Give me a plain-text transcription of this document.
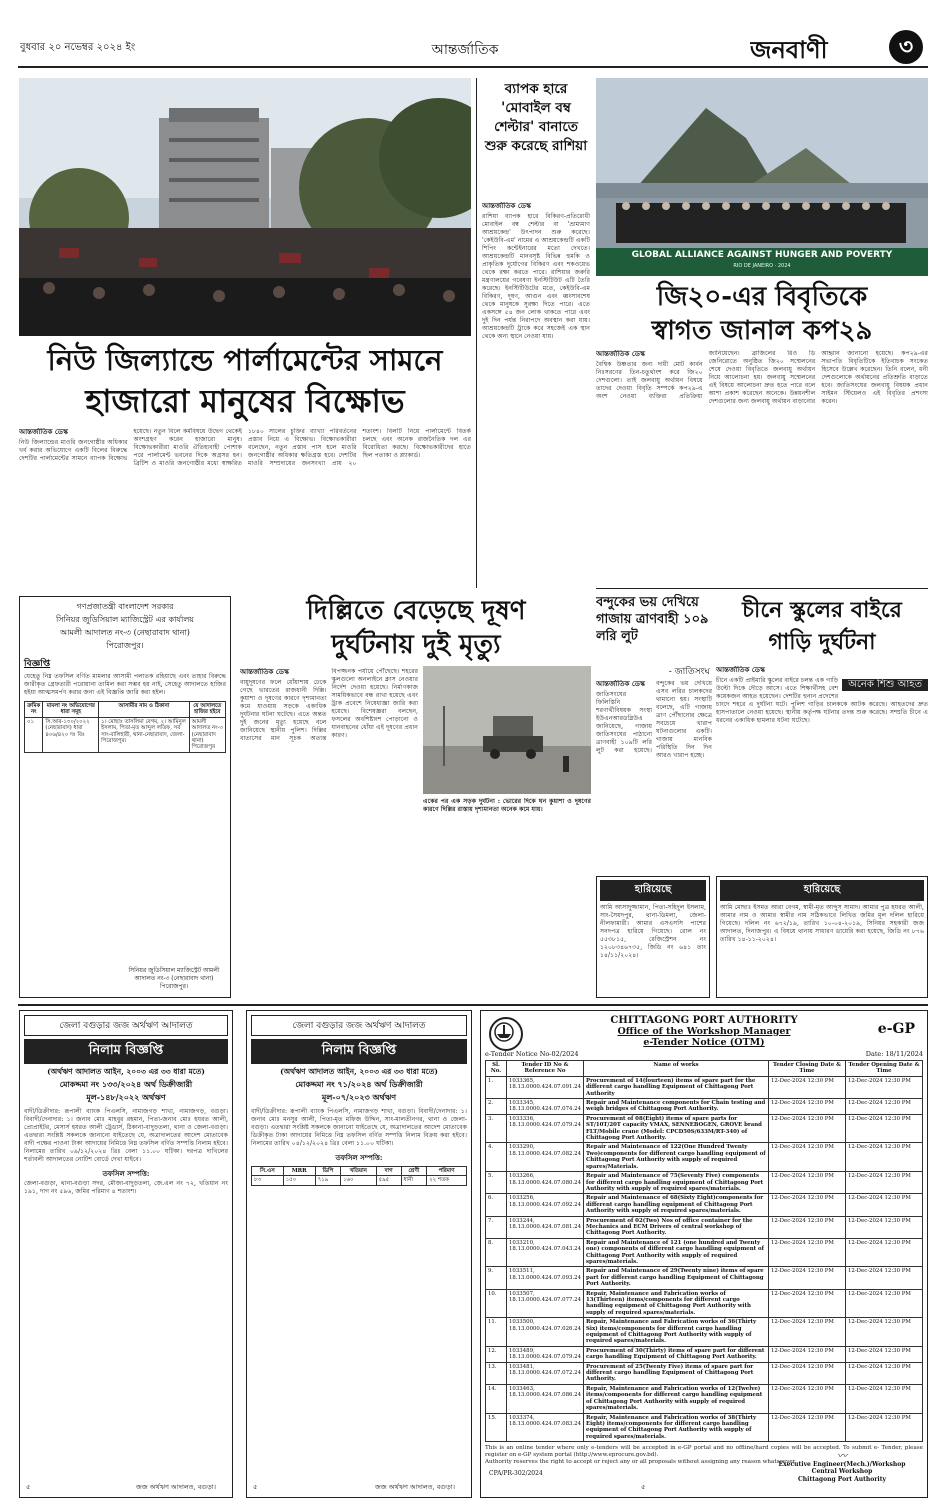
বুধবার ২০ নভেম্বর ২০২৪ ইং	আন্তর্জাতিক	জনবাণী	৩
নিউ জিল্যান্ডে পার্লামেন্টের সামনে
হাজারো মানুষের বিক্ষোভ
আন্তর্জাতিক ডেস্ক

নিউ জিল্যান্ডের মাওরি জনগোষ্ঠীর অধিকার খর্ব করার অভিযোগে একটি বিলের বিরুদ্ধে দেশটির পার্লামেন্টের সামনে ব্যাপক বিক্ষোভ হয়েছে। নতুন বিলে কর্মবিষয়ে উদ্বেগ থেকেই অংশগ্রহণ করেন হাজারো মানুষ। বিক্ষোভকারীরা মাওরি ঐতিহ্যবাহী পোশাক পরে পার্লামেন্ট ভবনের দিকে অগ্রসর হন। ব্রিটিশ ও মাওরি জনগোষ্ঠীর মধ্যে স্বাক্ষরিত ১৮৪০ সালের চুক্তির ব্যাখ্যা পরিবর্তনের প্রস্তাব নিয়ে এ বিক্ষোভ। বিক্ষোভকারীরা বলেছেন, নতুন প্রস্তাব পাস হলে মাওরি জনগোষ্ঠীর অধিকার ক্ষতিগ্রস্ত হবে। দেশটির মাওরি সম্প্রদায়ের জনসংখ্যা প্রায় ২০ শতাংশ। বিলটি নিয়ে পার্লামেন্টে বিতর্ক চলছে এবং অনেক রাজনৈতিক দল এর বিরোধিতা করছে। বিক্ষোভকারীদের হাতে ছিল পতাকা ও প্ল্যাকার্ড।

ব্যাপক হারে 'মোবাইল বম্ব শেল্টার' বানাতে শুরু করেছে রাশিয়া
আন্তর্জাতিক ডেস্ক

রাশিয়া ব্যাপক হারে বিকিরণ-প্রতিরোধী মোবাইল বম্ব শেল্টার বা 'ভ্রাম্যমাণ আশ্রয়কেন্দ্র' উৎপাদন শুরু করেছে। 'কেইউবি-এম' নামের এ আশ্রয়কেন্দ্রটি একটি শিপিং কন্টেইনারের মতো দেখতে। আশ্রয়কেন্দ্রটি মানবসৃষ্ট বিভিন্ন হুমকি ও প্রাকৃতিক দুর্যোগের বিকিরণ এবং শকওয়েভ থেকে রক্ষা করতে পারে। রাশিয়ার জরুরি মন্ত্রণালয়ের গবেষণা ইনস্টিটিউট এটি তৈরি করেছে। ইনস্টিটিউটের মতে, কেইউবি-এম বিকিরণ, দূষণ, আগুন এবং ধ্বংসাবশেষ থেকে মানুষকে সুরক্ষা দিতে পারে। এতে একসঙ্গে ৫৪ জন লোক থাকতে পারে এবং দুই দিন পর্যন্ত নিরাপদে অবস্থান করা যায়। আশ্রয়কেন্দ্রটি ট্রাকে করে সহজেই এক স্থান থেকে অন্য স্থানে নেওয়া যায়।

GLOBAL ALLIANCE AGAINST HUNGER AND POVERTY
RIO DE JANEIRO · 2024
জি২০-এর বিবৃতিকে
স্বাগত জানাল কপ২৯
আন্তর্জাতিক ডেস্ক

বৈশ্বিক উষ্ণতার জন্য দায়ী মোট কার্বন নিঃসরণের তিন-চতুর্থাংশ করে জি২০ দেশগুলো। তাই জলবায়ু অর্থায়ন বিষয়ে তাদের দেওয়া বিবৃতি সম্পর্কে কপ২৯-এ অংশ নেওয়া ব্যক্তিরা প্রতিক্রিয়া জানিয়েছেন। ব্রাজিলের রিও ডি জেনিরোতে অনুষ্ঠিত জি২০ সম্মেলনের শেষে দেওয়া বিবৃতিতে জলবায়ু অর্থায়ন নিয়ে আলোচনা হয়। জলবায়ু সম্মেলনের এই বিষয়ে আলোচনা দ্রুত হতে পারে বলে আশা প্রকাশ করেছেন অনেকে। উন্নয়নশীল দেশগুলোর জন্য জলবায়ু অর্থায়ন বাড়ানোর আহ্বান জানানো হয়েছে। কপ২৯-এর সভাপতি বিবৃতিটিকে ইতিবাচক সংকেত হিসেবে উল্লেখ করেছেন। তিনি বলেন, ধনী দেশগুলোকে অর্থায়নের প্রতিশ্রুতি বাড়াতে হবে। জাতিসংঘের জলবায়ু বিষয়ক প্রধান সাইমন স্টিয়েলও এই বিবৃতির প্রশংসা করেন।

গণপ্রজাতন্ত্রী বাংলাদেশ সরকার
সিনিয়র জুডিসিয়াল ম্যাজিস্ট্রেট এর কার্যালয়
আমলী আদালত নং-৩ (নেছারাবাদ থানা)
পিরোজপুর।
বিজ্ঞপ্তি
যেহেতু নিম্ন তফসিল বর্ণিত মামলার আসামী পলাতক রহিয়াছে এবং তাহার বিরুদ্ধে জারীকৃত গ্রেফতারী পরোয়ানা তামিল করা সম্ভব হয় নাই, সেহেতু আদালতে হাজির হইয়া আত্মসমর্পণ করার জন্য এই বিজ্ঞপ্তি জারি করা হইল।
ক্রমিক নং	মামলা নং অভিযোগের ধারা সমূহ	আসামীর নাম ও ঠিকানা	যে আদালতে হাজির হইবে
০১	সি.আর-১৩০/২০২২ (নেছারাবাদ) ধারা ৪০৬/৪২০ দঃ বিঃ	১। মোছাঃ তাসলিমা বেগম, ২। আমিনুল ইসলাম, পিতা-মৃত আব্দুল লতিফ, সর্ব সাং-বালিহারী, থানা-নেছারাবাদ, জেলা-পিরোজপুর।	আমলী আদালত নং-৩ (নেছারাবাদ থানা) পিরোজপুর
সিনিয়র জুডিসিয়াল ম্যাজিস্ট্রেট আমলী আদালত নং-৩ (নেছারাবাদ থানা) পিরোজপুর।
দিল্লিতে বেড়েছে দূষণ
দুর্ঘটনায় দুই মৃত্যু
আন্তর্জাতিক ডেস্ক

বায়ুদূষণের ফলে ধোঁয়াশায় ঢেকে গেছে ভারতের রাজধানী দিল্লি। কুয়াশা ও দূষণের কারণে দৃশ্যমানতা কমে যাওয়ায় সড়কে একাধিক দুর্ঘটনার ঘটনা ঘটেছে। এতে অন্তত দুই জনের মৃত্যু হয়েছে বলে জানিয়েছে স্থানীয় পুলিশ। দিল্লির বাতাসের মান সূচক অত্যন্ত বিপজ্জনক পর্যায়ে পৌঁছেছে। শহরের স্কুলগুলো অনলাইনে ক্লাস নেওয়ার নির্দেশ দেওয়া হয়েছে। নির্মাণকাজ সাময়িকভাবে বন্ধ রাখা হয়েছে এবং ট্রাক প্রবেশে নিষেধাজ্ঞা জারি করা হয়েছে। বিশেষজ্ঞরা বলছেন, ফসলের অবশিষ্টাংশ পোড়ানো ও যানবাহনের ধোঁয়া এই দূষণের প্রধান কারণ।

একের পর এক সড়ক দুর্ঘটনা : ভোরের দিকে ঘন কুয়াশা ও দূষণের কারণে দিল্লির রাস্তায় দৃশ্যমানতা অনেক কমে যায়।

বন্দুকের ভয় দেখিয়ে গাজায় ত্রাণবাহী ১০৯ লরি লুট
- জাতিসংঘ
আন্তর্জাতিক ডেস্ক

জাতিসংঘের ফিলিস্তিনি শরণার্থীবিষয়ক সংস্থা ইউএনআরডব্লিউএ জানিয়েছে, গাজায় জাতিসংঘের পাঠানো ত্রাণবাহী ১০৯টি লরি লুট করা হয়েছে। বন্দুকের ভয় দেখিয়ে এসব লরির চালকদের থামানো হয়। সংস্থাটি বলেছে, এটি গাজায় ত্রাণ পৌঁছানোর ক্ষেত্রে সবচেয়ে খারাপ ঘটনাগুলোর একটি। গাজায় মানবিক পরিস্থিতি দিন দিন আরও খারাপ হচ্ছে।

চীনে স্কুলের বাইরে
গাড়ি দুর্ঘটনা
আন্তর্জাতিক ডেস্ক
অনেক শিশু আহত

চীনে একটি প্রাইমারি স্কুলের বাইরে চলন্ত এক গাড়ি উল্টো দিকে দৌড়ে আসে। এতে শিক্ষার্থীসহ বেশ কয়েকজন আহত হয়েছেন। দেশটির হুনান প্রদেশের চাংদে শহরে এ দুর্ঘটনা ঘটে। পুলিশ গাড়ির চালককে আটক করেছে। আহতদের দ্রুত হাসপাতালে নেওয়া হয়েছে। স্থানীয় কর্তৃপক্ষ ঘটনার তদন্ত শুরু করেছে। সম্প্রতি চীনে এ ধরনের একাধিক হামলার ঘটনা ঘটেছে।

হারিয়েছে
আমি আসাদুজ্জামান, পিতা-সহিদুল ইসলাম, সাং-সৈয়দপুর, থানা-ডিমলা, জেলা-নীলফামারী। আমার এসএসসি পাশের সনদপত্র হারিয়ে গিয়েছে। রোল নং ৫৫৩৮১৫, রেজিস্ট্রেশন নং ১২০৮৩৪৬৭৩৫, জিডি নং ৬৪১ তাং ১৪/১১/২০২৪।
হারিয়েছে
আমি মোছাঃ ইসমত আরা বেগম, স্বামী-মৃত আব্দুস সামাদ। আমার পুত্র হযরত আলী, আমার নাম ও আমার স্বামীর নাম সঠিকভাবে লিখিত জমির মূল দলিল হারিয়ে গিয়েছে। দলিল নং ৬৭২/১৯, তারিখ ১০-০৪-২০১৯, সিনিয়র সহকারী জজ আদালত, দিনাজপুর। এ বিষয়ে থানায় সাধারণ ডায়েরি করা হয়েছে, জিডি নং ৮৭৬ তারিখ ১৪-১১-২০২৪।
জেলা বগুড়ার জজ অর্থঋণ আদালত
নিলাম বিজ্ঞপ্তি
(অর্থঋণ আদালত আইন, ২০০৩ এর ৩৩ ধারা মতে)
মোকদ্দমা নং ১৩৩/২০২৪ অর্থ ডিক্রীজারী
মূল-১৪৮/২০২২ অর্থঋণ
বাদী/ডিক্রীদার: রূপালী ব্যাংক পিএলসি, নামাজগড় শাখা, নামাজগড়, বগুড়া। বিবাদী/দেনাদার: ১। জনাব মোঃ মাহবুর রহমান, পিতা-জনাব মোঃ হযরত আলী, প্রোপ্রাইটর, মেসার্স হযরত আলী ট্রেডার্স, ঠিকানা-বাদুড়তলা, থানা ও জেলা-বগুড়া। এতদ্বারা সংশ্লিষ্ট সকলকে জানানো যাইতেছে যে, অত্রাদালতের আদেশ মোতাবেক বাদী পক্ষের পাওনা টাকা আদায়ের নিমিত্তে নিম্ন তফসিল বর্ণিত সম্পত্তি নিলাম হইবে। নিলামের তারিখ ০৯/১২/২০২৪ খ্রিঃ বেলা ১১.০০ ঘটিকা। দরপত্র দাখিলের শর্তাবলী আদালতের নোটিশ বোর্ডে দেখা যাইবে।
তফসিল সম্পত্তি:
জেলা-বগুড়া, থানা-বগুড়া সদর, মৌজা-বাদুড়তলা, জে.এল নং ৭২, খতিয়ান নং ১৯১, দাগ নং ৫৯৬, জমির পরিমাণ ৪ শতাংশ।
৫	জজ অর্থঋণ আদালত, বগুড়া।
জেলা বগুড়ার জজ অর্থঋণ আদালত
নিলাম বিজ্ঞপ্তি
(অর্থঋণ আদালত আইন, ২০০৩ এর ৩৩ ধারা মতে)
মোকদ্দমা নং ৭১/২০২৪ অর্থ ডিক্রীজারী
মূল-০৭/২০২৩ অর্থঋণ
বাদী/ডিক্রীদার: রূপালী ব্যাংক পিএলসি, নামাজগড় শাখা, বগুড়া। বিবাদী/দেনাদার: ১। জনাব মোঃ মনসুর আলী, পিতা-মৃত মফিজ উদ্দিন, সাং-মালতীনগর, থানা ও জেলা-বগুড়া। এতদ্বারা সংশ্লিষ্ট সকলকে জানানো যাইতেছে যে, অত্রাদালতের আদেশ মোতাবেক ডিক্রীকৃত টাকা আদায়ের নিমিত্তে নিম্ন তফসিল বর্ণিত সম্পত্তি নিলাম বিক্রয় করা হইবে। নিলামের তারিখ ০৪/১২/২০২৪ খ্রিঃ বেলা ১১.০০ ঘটিকা।
তফসিল সম্পত্তি:
সি.এস	MRR	ডিপি	খতিয়ান	দাগ	শ্রেণী	পরিমাণ
৮৩	১৫০	৭১৯	১৬০	৫৯৫	ধানী	২২ শতক
৫	জজ অর্থঋণ আদালত, বগুড়া।
CHITTAGONG PORT AUTHORITY
Office of the Workshop Manager
e-Tender Notice (OTM)
e-GP
e-Tender Notice No-02/2024	Date: 18/11/2024
Sl. No.	Tender ID No & Reference No	Name of works	Tender Closing Date & Time	Tender Opening Date & Time
1.	1033365, 18.13.0000.424.07.091.24	Procurement of 14(fourteen) items of spare part for the different cargo handling Equipment of Chittagong Port Authority	12-Dec-2024 12:30 PM	12-Dec-2024 12:30 PM
2.	1033345, 18.13.0000.424.07.074.24	Repair and Maintenance components for Chain testing and weigh bridges of Chittagong Port Authority.	12-Dec-2024 12:30 PM	12-Dec-2024 12:30 PM
3.	1033336, 18.13.0000.424.07.079.24	Procurement of 08(Eight) items of spare parts for ST/10T/20T capacity VMAX, SENNEBOGEN, GROVE brand FLT/Mobile crane (Model: CPCD50S/633M/RT-340) of Chittagong Port Authority.	12-Dec-2024 12:30 PM	12-Dec-2024 12:30 PM
4.	1033290, 18.13.0000.424.07.082.24	Repair and Maintenance of 122(One Hundred Twenty Two)components for different cargo handling equipment of Chittagong Port Authority with supply of required spares/Materials.	12-Dec-2024 12:30 PM	12-Dec-2024 12:30 PM
5.	1033266, 18.13.0000.424.07.080.24	Repair and Maintenance of 75(Seventy Five) components for different cargo handling equipment of Chittagong Port Authority with supply of required spares/materials.	12-Dec-2024 12:30 PM	12-Dec-2024 12:30 PM
6.	1033256, 18.13.0000.424.07.092.24	Repair and Maintenance of 68(Sixty Eight)components for different cargo handling equipment of Chittagong Port Authority with supply of required spares/materials.	12-Dec-2024 12:30 PM	12-Dec-2024 12:30 PM
7.	1033244, 18.13.0000.424.07.081.24	Procurement of 02(Two) Nos of office container for the Mechanics and ECM Drivers of central workshop of Chittagong Port Authority.	12-Dec-2024 12:30 PM	12-Dec-2024 12:30 PM
8.	1033210, 18.13.0000.424.07.043.24	Repair and Maintenance of 121 (one hundred and Twenty one) components of different cargo handling equipment of Chittagong Port Authority with supply of required spares/materials.	12-Dec-2024 12:30 PM	12-Dec-2024 12:30 PM
9.	1033511, 18.13.0000.424.07.093.24	Repair and Maintenance of 29(Twenty nine) items of spare part for different cargo handling Equipment of Chittagong Port Authority.	12-Dec-2024 12:30 PM	12-Dec-2024 12:30 PM
10.	1033507, 18.13.0000.424.07.077.24	Repair, Maintenance and Fabrication works of 13(Thirteen) items/components for different cargo handling equipment of Chittagong Port Authority with supply of required spares/materials.	12-Dec-2024 12:30 PM	12-Dec-2024 12:30 PM
11.	1033500, 18.13.0000.424.07.026.24	Repair, Maintenance and Fabrication works of 36(Thirty Six) items/components for different cargo handling equipment of Chittagong Port Authority with supply of required spares/materials.	12-Dec-2024 12:30 PM	12-Dec-2024 12:30 PM
12.	1033489, 18.13.0000.424.07.079.24	Procurement of 30(Thirty) items of spare part for different cargo handling Equipment of Chittagong Port Authority.	12-Dec-2024 12:30 PM	12-Dec-2024 12:30 PM
13.	1033481, 18.13.0000.424.07.072.24	Procurement of 25(Twenty Five) items of spare part for different cargo handling Equipment of Chittagong Port Authority.	12-Dec-2024 12:30 PM	12-Dec-2024 12:30 PM
14.	1033463, 18.13.0000.424.07.086.24	Repair, Maintenance and Fabrication works of 12(Twelve) items/components for different cargo handling equipment of Chittagong Port Authority with supply of required spares/materials.	12-Dec-2024 12:30 PM	12-Dec-2024 12:30 PM
15.	1033374, 18.13.0000.424.07.083.24	Repair, Maintenance and Fabrication works of 38(Thirty Eight) items/components for different cargo handling equipment of Chittagong Port Authority with supply of required spares/materials.	12-Dec-2024 12:30 PM	12-Dec-2024 12:30 PM
This is an online tender where only e-tenders will be accepted in e-GP portal and no offline/hard copies will be accepted. To submit e- Tender, please register on e-GP system portal (http://www.eprocure.gov.bd).
Authority reserves the right to accept or reject any or all proposals without assigning any reason whatsoever.
〰
Executive Engineer(Mech.)/Workshop
Central Workshop
Chittagong Port Authority
CPA/PR-302/2024
৫
